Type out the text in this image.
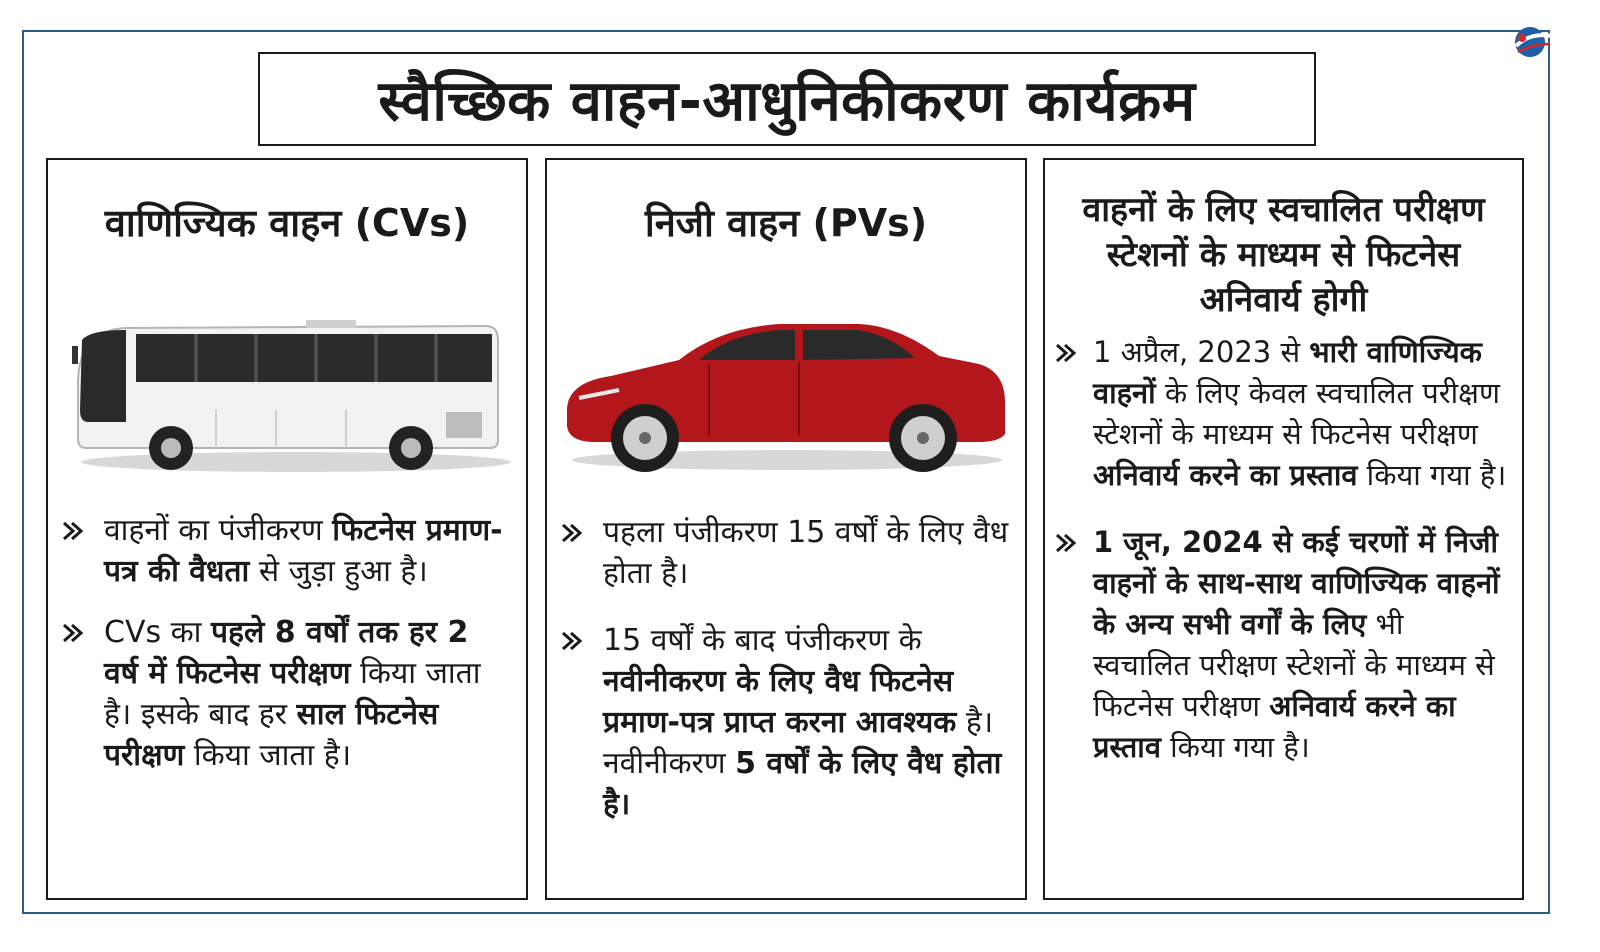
स्वैच्छिक वाहन-आधुनिकीकरण कार्यक्रम
वाणिज्यिक वाहन (CVs)
वाहनों का पंजीकरण फिटनेस प्रमाण-पत्र की वैधता से जुड़ा हुआ है।
CVs का पहले 8 वर्षों तक हर 2 वर्ष में फिटनेस परीक्षण किया जाता है। इसके बाद हर साल फिटनेस परीक्षण किया जाता है।
निजी वाहन (PVs)
पहला पंजीकरण 15 वर्षों के लिए वैध होता है।
15 वर्षों के बाद पंजीकरण के नवीनीकरण के लिए वैध फिटनेस प्रमाण-पत्र प्राप्त करना आवश्यक है। नवीनीकरण 5 वर्षों के लिए वैध होता है।
वाहनों के लिए स्वचालित परीक्षण स्टेशनों के माध्यम से फिटनेस अनिवार्य होगी
1 अप्रैल, 2023 से भारी वाणिज्यिक वाहनों के लिए केवल स्वचालित परीक्षण स्टेशनों के माध्यम से फिटनेस परीक्षण अनिवार्य करने का प्रस्ताव किया गया है।
1 जून, 2024 से कई चरणों में निजी वाहनों के साथ-साथ वाणिज्यिक वाहनों के अन्य सभी वर्गों के लिए भी स्वचालित परीक्षण स्टेशनों के माध्यम से फिटनेस परीक्षण अनिवार्य करने का प्रस्ताव किया गया है।
